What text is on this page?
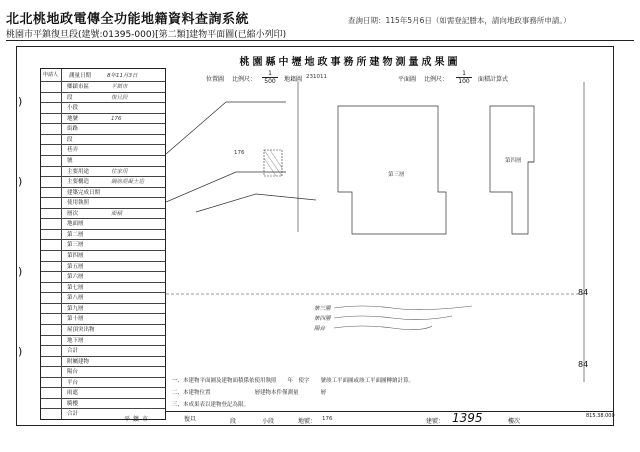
北北桃地政電傳全功能地籍資料查詢系統	查詢日期：115年5月6日（如需登記謄本，請向地政事務所申請。）
桃園市平鎮復旦段(建號:01395-000)[第二類]建物平面圖(已縮小列印)
)
)
)
)
桃園縣中壢地政事務所建物測量成果圖
位置圖 比例尺：
1
500	地籍圖 231011	平面圖 比例尺：
1
100	面積計算式
176
第三層
第四層
84
84
815.38.000
第三層
第四層
陽台
一、本建物平面圖及建物面積係依使用執照　　年　使字　　號竣工平面圖或竣工平面圖轉繪計算。
二、本建物位置　　　　　　　　層建物本件僅測量　　　　層
三、本成果表以建物登記為限。
申請人 測量日期	8年11月3日
鄉鎮市區	平鎮市
段	復旦段
小段
地號	176
街路
段
巷弄
號
主要用途	住家用
主要構造	鋼筋混凝土造
建築完成日期
使用執照
層次	面積
地面層
第二層
第三層
第四層
第五層
第六層
第七層
第八層
第九層
第十層
屋頂突出物
地下層
合計
附屬建物
陽台
平台
雨遮
騎樓
合計
平鎮市	復旦	段	小段	地號： 176	建號： 1395	樓次
